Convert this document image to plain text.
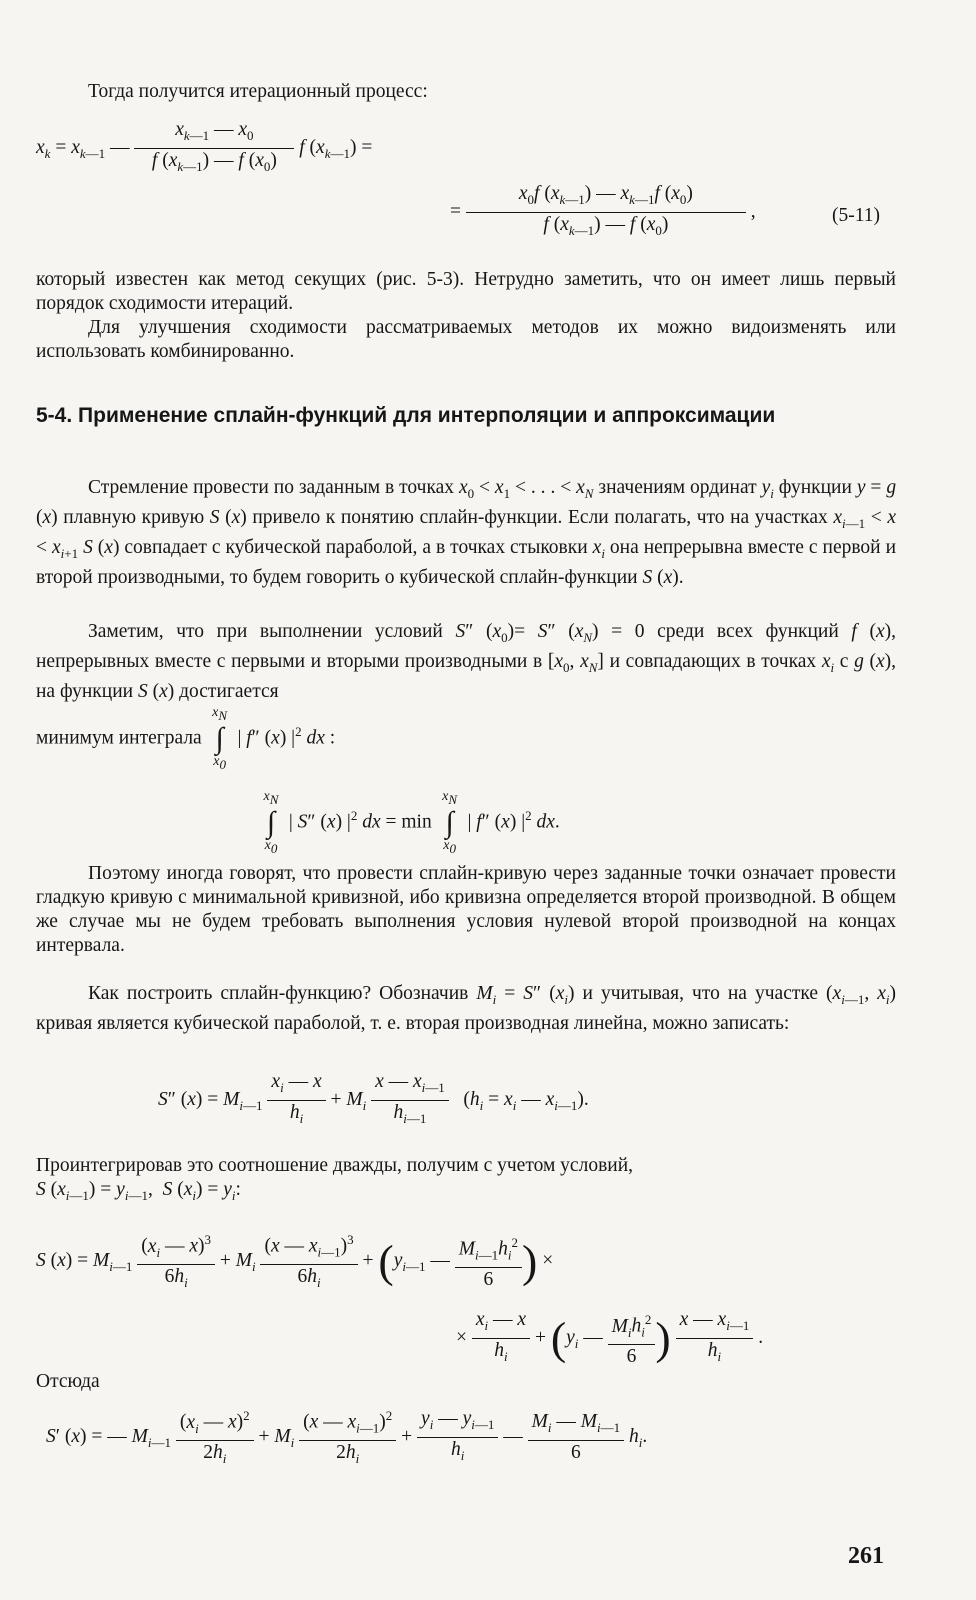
Тогда получится итерационный процесс:
$x_k = x_{k—1}$ — $\frac{x_{k—1} — x_0}{f (x_{k—1}) — f (x_0)}$ f $(x_{k—1})$ =
= $\frac{x_0f (x_{k—1}) — x_{k—1}f (x_0)}{f (x_{k—1}) — f (x_0)}$ ,	(5-11)
который известен как метод секущих (рис. 5-3). Нетрудно заметить, что он имеет лишь первый порядок сходимости итераций.
Для улучшения сходимости рассматриваемых методов их можно видоизменять или использовать комбинированно.
5-4. Применение сплайн-функций для интерполяции и аппроксимации
Стремление провести по заданным в точках $x_0 < x_1$ < . . . < $x_N$ значениям ординат $y_i$ функции y = g (x) плавную кривую S (x) привело к понятию сплайн-функции. Если полагать, что на участках $x_{i—1} < x < x_{i+1}$ S (x) совпадает с кубической параболой, а в точках стыковки $x_i$ она непрерывна вместе с первой и второй производными, то будем говорить о кубической сплайн-функции S (x).
Заметим, что при выполнении условий S″ $(x_0)= S''$ $(x_N) = 0$ среди всех функций f (x), непрерывных вместе с первыми и вторыми производными в [$x_0$, $x_N$] и совпадающих в точках $x_i$ с g (x), на функции S (x) достигается
минимум интеграла
$x_N$
∫
$x_0$
| f″ (x) $|^2$ dx :
$x_N$
∫
$x_0$
| S″ (x) $|^2$ dx = min
$x_N$
∫
$x_0$
| f″ (x) $|^2$ dx.
Поэтому иногда говорят, что провести сплайн-кривую через заданные точки означает провести гладкую кривую с минимальной кривизной, ибо кривизна определяется второй производной. В общем же случае мы не будем требовать выполнения условия нулевой второй производной на концах интервала.
Как построить сплайн-функцию? Обозначив $M_i = S''$ $(x_i)$ и учитывая, что на участке ($x_{i—1}$, $x_i$) кривая является кубической параболой, т. е. вторая производная линейна, можно записать:
S″ $(x) = M_{i—1} \frac{x_i — x}{h_i} + M_i \frac{x — x_{i—1}}{h_{i—1}} (h_i = x_i$ — $x_{i—1}$).
Проинтегрировав это соотношение дважды, получим с учетом условий,
S $(x_{i—1}) = y_{i—1}$,  S $(x_i) = y_i$:
S $(x) = M_{i—1} \frac{(x_i — x)^3}{6h_i} + M_i \frac{(x — x_{i—1})^3}{6h_i} + (y_{i—1}$ — $\frac{M_{i—1}h_i^2}{6}$ ) ×
× $\frac{x_i — x}{h_i} + (y_i$ — $\frac{M_ih_i^2}{6}$ ) $\frac{x — x_{i—1}}{h_i}$ .
Отсюда
S′ (x) = — $M_{i—1} \frac{(x_i — x)^2}{2h_i} + M_i \frac{(x — x_{i—1})^2}{2h_i} + \frac{y_i — y_{i—1}}{h_i}$ — $\frac{M_i — M_{i—1}}{6} h_i$.
261
